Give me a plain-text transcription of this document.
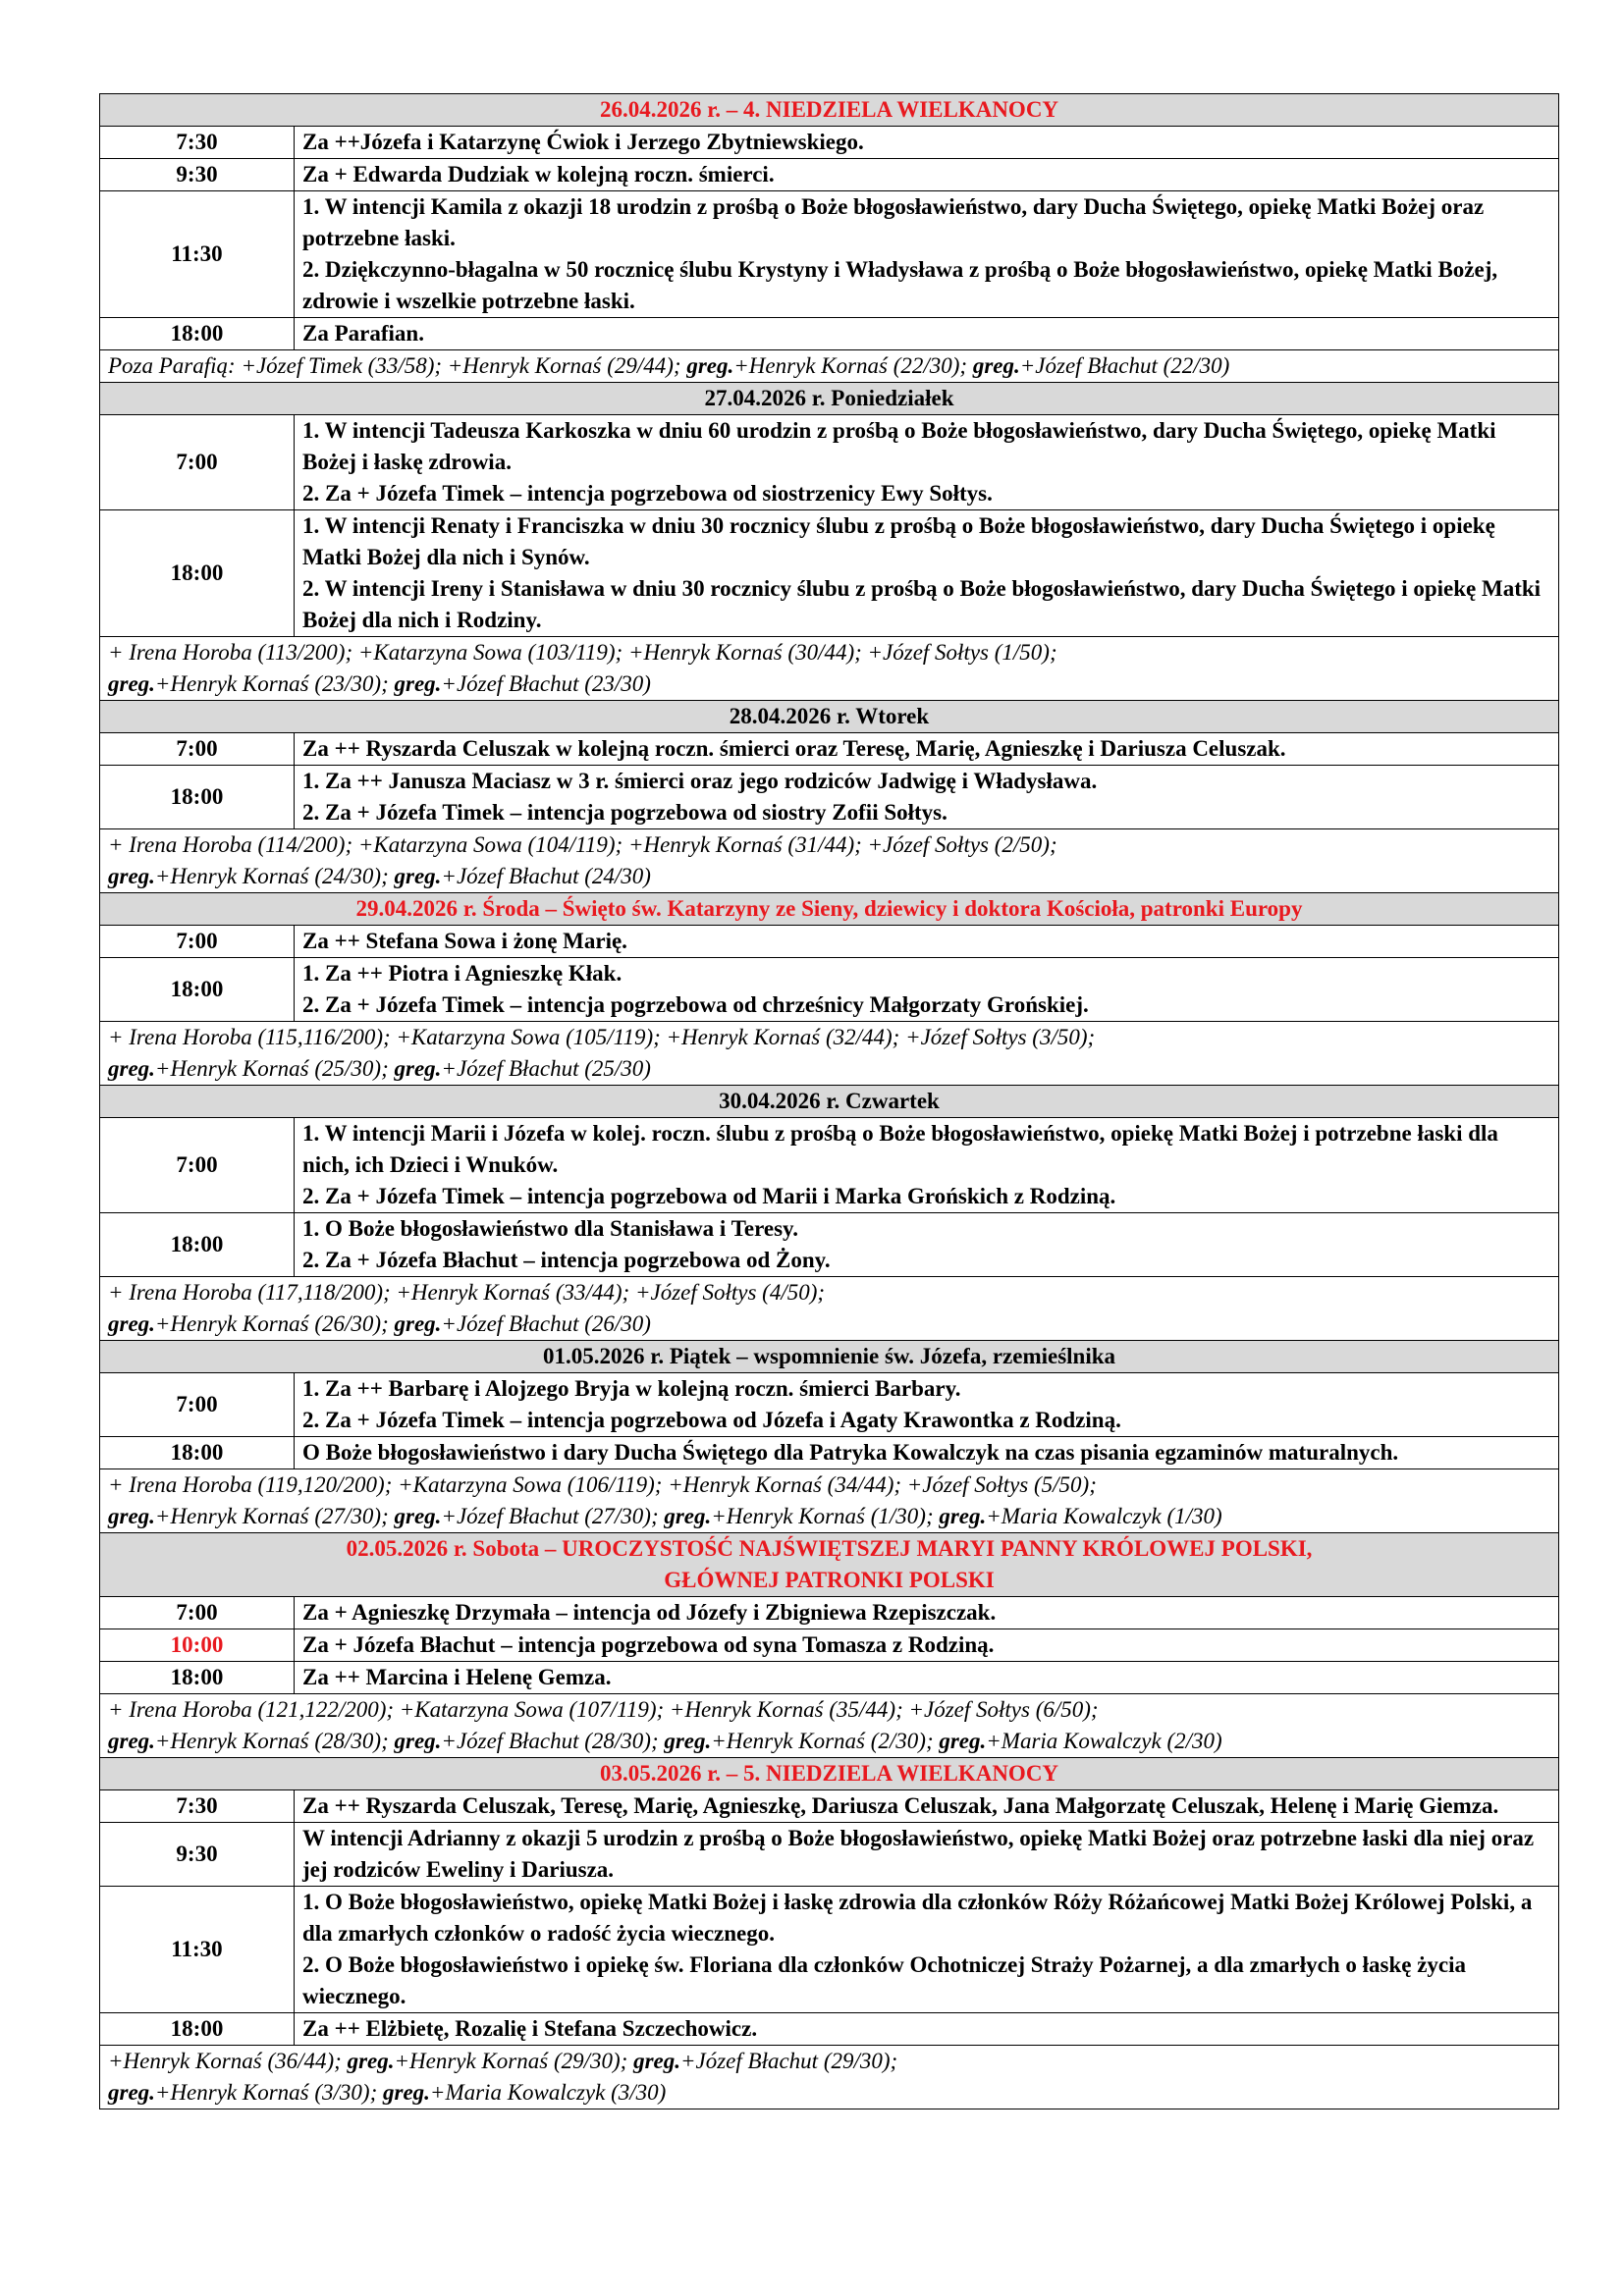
26.04.2026 r. – 4. NIEDZIELA WIELKANOCY	

7:30	Za ++Józefa i Katarzynę Ćwiok i Jerzego Zbytniewskiego.

9:30	Za + Edwarda Dudziak w kolejną roczn. śmierci.

11:30	1. W intencji Kamila z okazji 18 urodzin z prośbą o Boże błogosławieństwo, dary Ducha Świętego, opiekę Matki Bożej oraz potrzebne łaski.
2. Dziękczynno-błagalna w 50 rocznicę ślubu Krystyny i Władysława z prośbą o Boże błogosławieństwo, opiekę Matki Bożej, zdrowie i wszelkie potrzebne łaski.

18:00	Za Parafian.

Poza Parafią: +Józef Timek (33/58); +Henryk Kornaś (29/44); greg.+Henryk Kornaś (22/30); greg.+Józef Błachut (22/30)	

27.04.2026 r. Poniedziałek	

7:00	1. W intencji Tadeusza Karkoszka w dniu 60 urodzin z prośbą o Boże błogosławieństwo, dary Ducha Świętego, opiekę Matki Bożej i łaskę zdrowia.
2. Za + Józefa Timek – intencja pogrzebowa od siostrzenicy Ewy Sołtys.

18:00	1. W intencji Renaty i Franciszka w dniu 30 rocznicy ślubu z prośbą o Boże błogosławieństwo, dary Ducha Świętego i opiekę Matki Bożej dla nich i Synów.
2. W intencji Ireny i Stanisława w dniu 30 rocznicy ślubu z prośbą o Boże błogosławieństwo, dary Ducha Świętego i opiekę Matki Bożej dla nich i Rodziny.

+ Irena Horoba (113/200); +Katarzyna Sowa (103/119); +Henryk Kornaś (30/44); +Józef Sołtys (1/50);
greg.+Henryk Kornaś (23/30); greg.+Józef Błachut (23/30)	

28.04.2026 r. Wtorek	

7:00	Za ++ Ryszarda Celuszak w kolejną roczn. śmierci oraz Teresę, Marię, Agnieszkę i Dariusza Celuszak.

18:00	1. Za ++ Janusza Maciasz w 3 r. śmierci oraz jego rodziców Jadwigę i Władysława.
2. Za + Józefa Timek – intencja pogrzebowa od siostry Zofii Sołtys.

+ Irena Horoba (114/200); +Katarzyna Sowa (104/119); +Henryk Kornaś (31/44); +Józef Sołtys (2/50);
greg.+Henryk Kornaś (24/30); greg.+Józef Błachut (24/30)	

29.04.2026 r. Środa – Święto św. Katarzyny ze Sieny, dziewicy i doktora Kościoła, patronki Europy	

7:00	Za ++ Stefana Sowa i żonę Marię.

18:00	1. Za ++ Piotra i Agnieszkę Kłak.
2. Za + Józefa Timek – intencja pogrzebowa od chrześnicy Małgorzaty Grońskiej.

+ Irena Horoba (115,116/200); +Katarzyna Sowa (105/119); +Henryk Kornaś (32/44); +Józef Sołtys (3/50);
greg.+Henryk Kornaś (25/30); greg.+Józef Błachut (25/30)	

30.04.2026 r. Czwartek	

7:00	1. W intencji Marii i Józefa w kolej. roczn. ślubu z prośbą o Boże błogosławieństwo, opiekę Matki Bożej i potrzebne łaski dla nich, ich Dzieci i Wnuków.
2. Za + Józefa Timek – intencja pogrzebowa od Marii i Marka Grońskich z Rodziną.

18:00	1. O Boże błogosławieństwo dla Stanisława i Teresy.
2. Za + Józefa Błachut – intencja pogrzebowa od Żony.

+ Irena Horoba (117,118/200); +Henryk Kornaś (33/44); +Józef Sołtys (4/50);
greg.+Henryk Kornaś (26/30); greg.+Józef Błachut (26/30)	

01.05.2026 r. Piątek – wspomnienie św. Józefa, rzemieślnika	

7:00	1. Za ++ Barbarę i Alojzego Bryja w kolejną roczn. śmierci Barbary.
2. Za + Józefa Timek – intencja pogrzebowa od Józefa i Agaty Krawontka z Rodziną.

18:00	O Boże błogosławieństwo i dary Ducha Świętego dla Patryka Kowalczyk na czas pisania egzaminów maturalnych.

+ Irena Horoba (119,120/200); +Katarzyna Sowa (106/119); +Henryk Kornaś (34/44); +Józef Sołtys (5/50);
greg.+Henryk Kornaś (27/30); greg.+Józef Błachut (27/30); greg.+Henryk Kornaś (1/30); greg.+Maria Kowalczyk (1/30)	

02.05.2026 r. Sobota – UROCZYSTOŚĆ NAJŚWIĘTSZEJ MARYI PANNY KRÓLOWEJ POLSKI,
GŁÓWNEJ PATRONKI POLSKI	

7:00	Za + Agnieszkę Drzymała – intencja od Józefy i Zbigniewa Rzepiszczak.

10:00	Za + Józefa Błachut – intencja pogrzebowa od syna Tomasza z Rodziną.

18:00	Za ++ Marcina i Helenę Gemza.

+ Irena Horoba (121,122/200); +Katarzyna Sowa (107/119); +Henryk Kornaś (35/44); +Józef Sołtys (6/50);
greg.+Henryk Kornaś (28/30); greg.+Józef Błachut (28/30); greg.+Henryk Kornaś (2/30); greg.+Maria Kowalczyk (2/30)	

03.05.2026 r. – 5. NIEDZIELA WIELKANOCY	

7:30	Za ++ Ryszarda Celuszak, Teresę, Marię, Agnieszkę, Dariusza Celuszak, Jana Małgorzatę Celuszak, Helenę i Marię Giemza.

9:30	W intencji Adrianny z okazji 5 urodzin z prośbą o Boże błogosławieństwo, opiekę Matki Bożej oraz potrzebne łaski dla niej oraz jej rodziców Eweliny i Dariusza.

11:30	1. O Boże błogosławieństwo, opiekę Matki Bożej i łaskę zdrowia dla członków Róży Różańcowej Matki Bożej Królowej Polski, a dla zmarłych członków o radość życia wiecznego.
2. O Boże błogosławieństwo i opiekę św. Floriana dla członków Ochotniczej Straży Pożarnej, a dla zmarłych o łaskę życia wiecznego.

18:00	Za ++ Elżbietę, Rozalię i Stefana Szczechowicz.

+Henryk Kornaś (36/44); greg.+Henryk Kornaś (29/30); greg.+Józef Błachut (29/30);
greg.+Henryk Kornaś (3/30); greg.+Maria Kowalczyk (3/30)	
